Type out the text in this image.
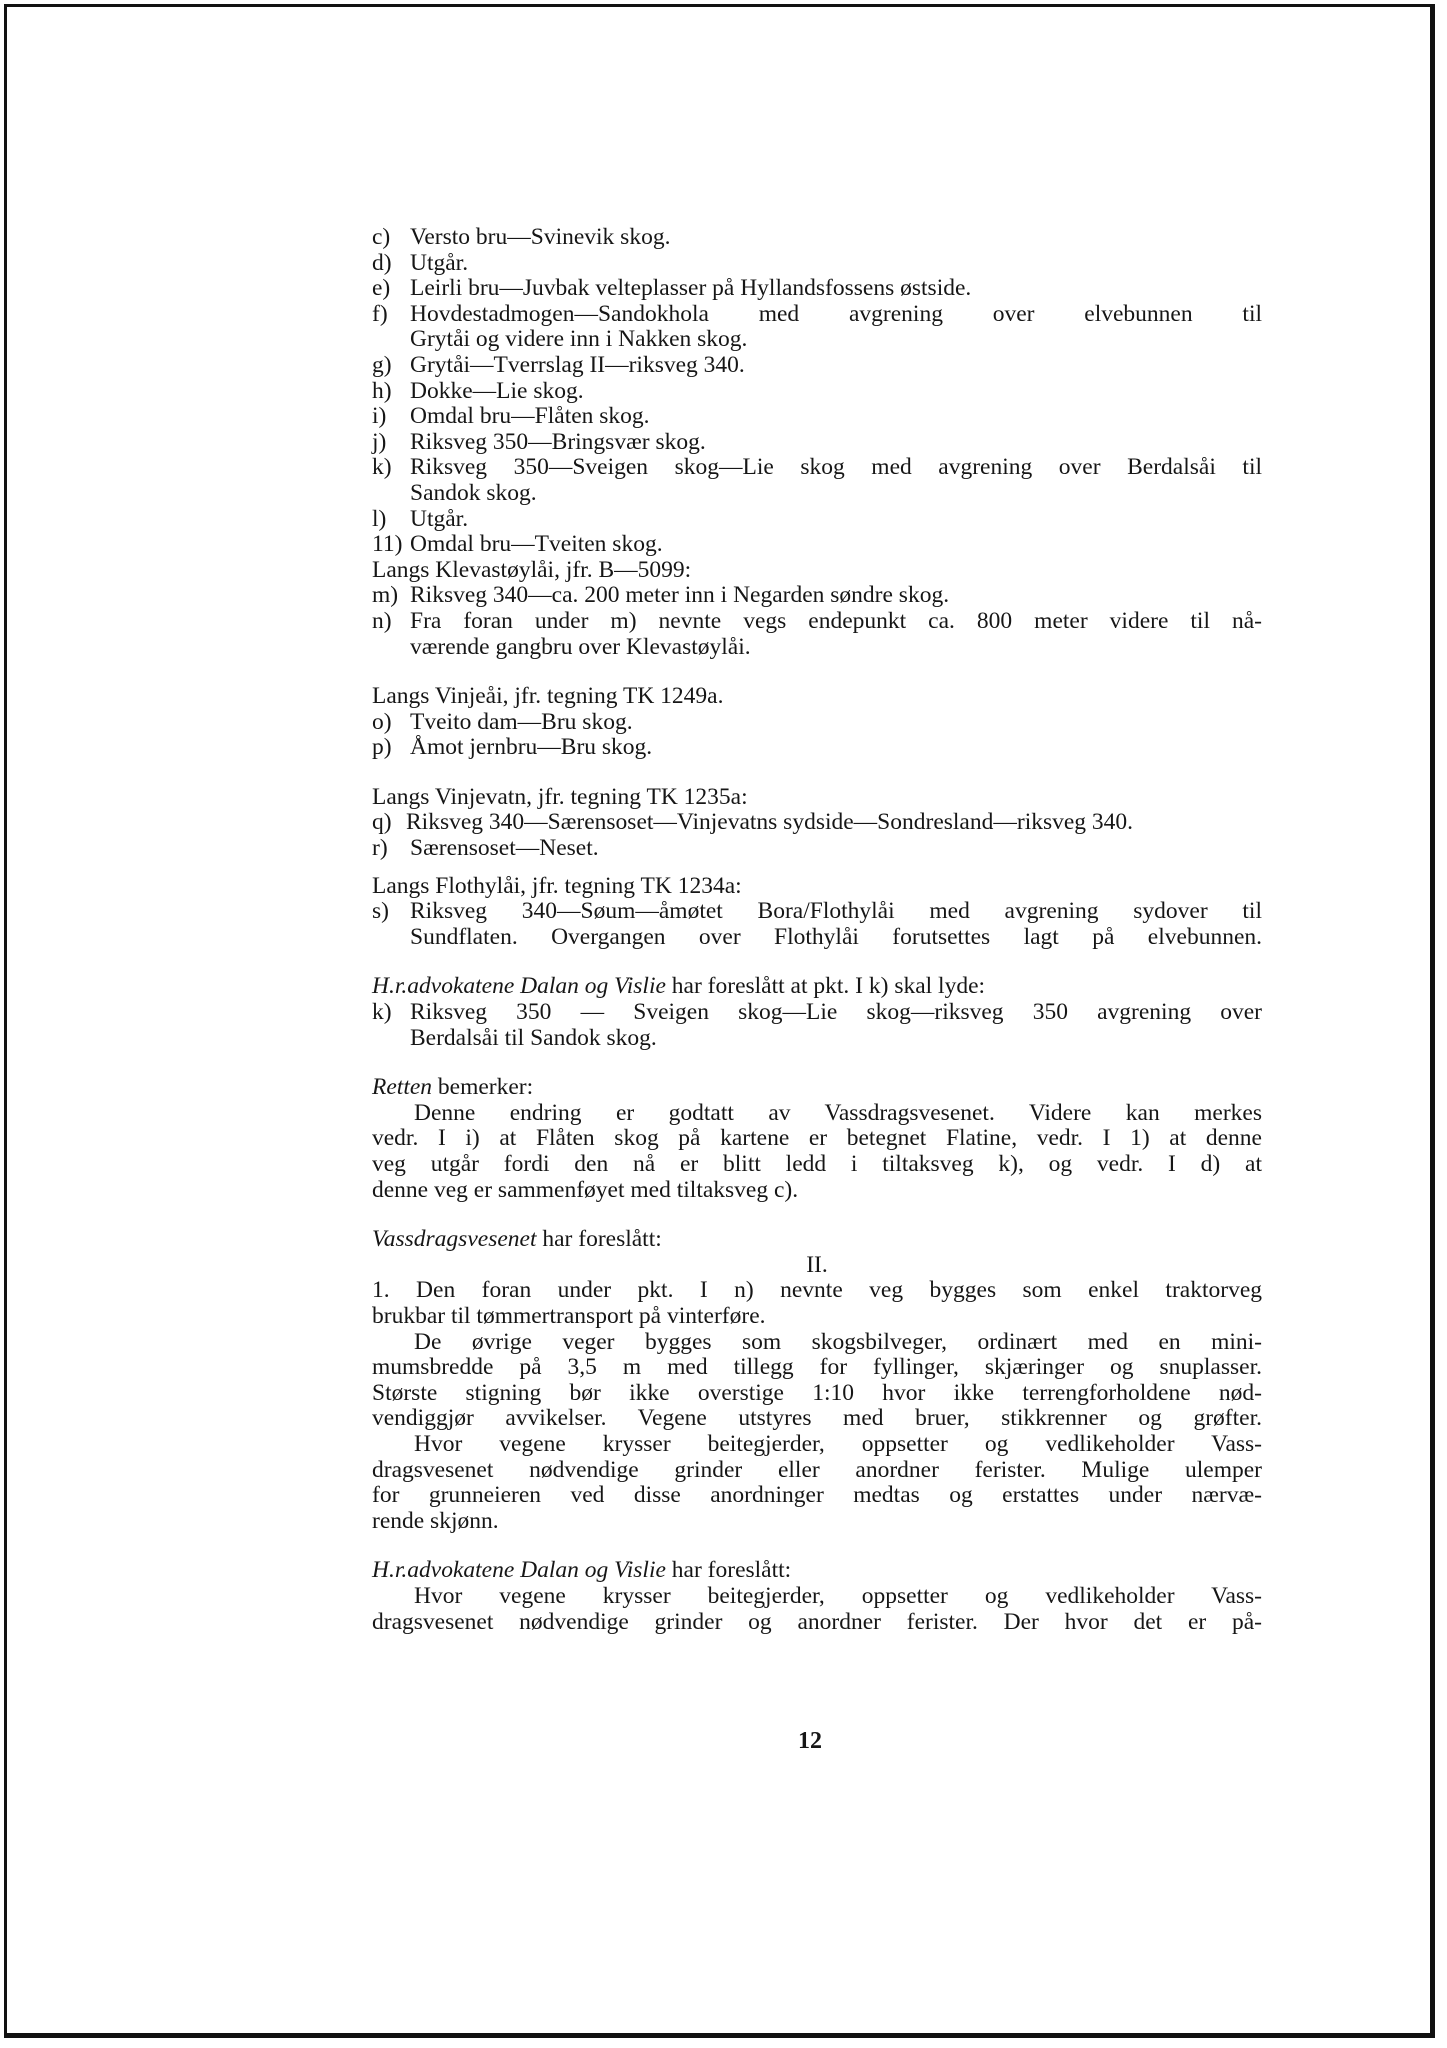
c) Versto bru—Svinevik skog.
d) Utgår.
e) Leirli bru—Juvbak velteplasser på Hyllandsfossens østside.
f) Hovdestadmogen—Sandokhola med avgrening over elvebunnen til
Grytåi og videre inn i Nakken skog.
g) Grytåi—Tverrslag II—riksveg 340.
h) Dokke—Lie skog.
i) Omdal bru—Flåten skog.
j) Riksveg 350—Bringsvær skog.
k) Riksveg 350—Sveigen skog—Lie skog med avgrening over Berdalsåi til
Sandok skog.
l) Utgår.
11) Omdal bru—Tveiten skog.
Langs Klevastøylåi, jfr. B—5099:
m) Riksveg 340—ca. 200 meter inn i Negarden søndre skog.
n) Fra foran under m) nevnte vegs endepunkt ca. 800 meter videre til nå-
værende gangbru over Klevastøylåi.
Langs Vinjeåi, jfr. tegning TK 1249a.
o) Tveito dam—Bru skog.
p) Åmot jernbru—Bru skog.
Langs Vinjevatn, jfr. tegning TK 1235a:
q) Riksveg 340—Særensoset—Vinjevatns sydside—Sondresland—riksveg 340.
r) Særensoset—Neset.
Langs Flothylåi, jfr. tegning TK 1234a:
s) Riksveg 340—Søum—åmøtet Bora/Flothylåi med avgrening sydover til
Sundflaten. Overgangen over Flothylåi forutsettes lagt på elvebunnen.
H.r.advokatene Dalan og Vislie har foreslått at pkt. I k) skal lyde:
k) Riksveg 350 — Sveigen skog—Lie skog—riksveg 350 avgrening over
Berdalsåi til Sandok skog.
Retten bemerker:
Denne endring er godtatt av Vassdragsvesenet. Videre kan merkes
vedr. I i) at Flåten skog på kartene er betegnet Flatine, vedr. I 1) at denne
veg utgår fordi den nå er blitt ledd i tiltaksveg k), og vedr. I d) at
denne veg er sammenføyet med tiltaksveg c).
Vassdragsvesenet har foreslått:
II.
1. Den foran under pkt. I n) nevnte veg bygges som enkel traktorveg
brukbar til tømmertransport på vinterføre.
De øvrige veger bygges som skogsbilveger, ordinært med en mini-
mumsbredde på 3,5 m med tillegg for fyllinger, skjæringer og snuplasser.
Største stigning bør ikke overstige 1:10 hvor ikke terrengforholdene nød-
vendiggjør avvikelser. Vegene utstyres med bruer, stikkrenner og grøfter.
Hvor vegene krysser beitegjerder, oppsetter og vedlikeholder Vass-
dragsvesenet nødvendige grinder eller anordner ferister. Mulige ulemper
for grunneieren ved disse anordninger medtas og erstattes under nærvæ-
rende skjønn.
H.r.advokatene Dalan og Vislie har foreslått:
Hvor vegene krysser beitegjerder, oppsetter og vedlikeholder Vass-
dragsvesenet nødvendige grinder og anordner ferister. Der hvor det er på-
12
